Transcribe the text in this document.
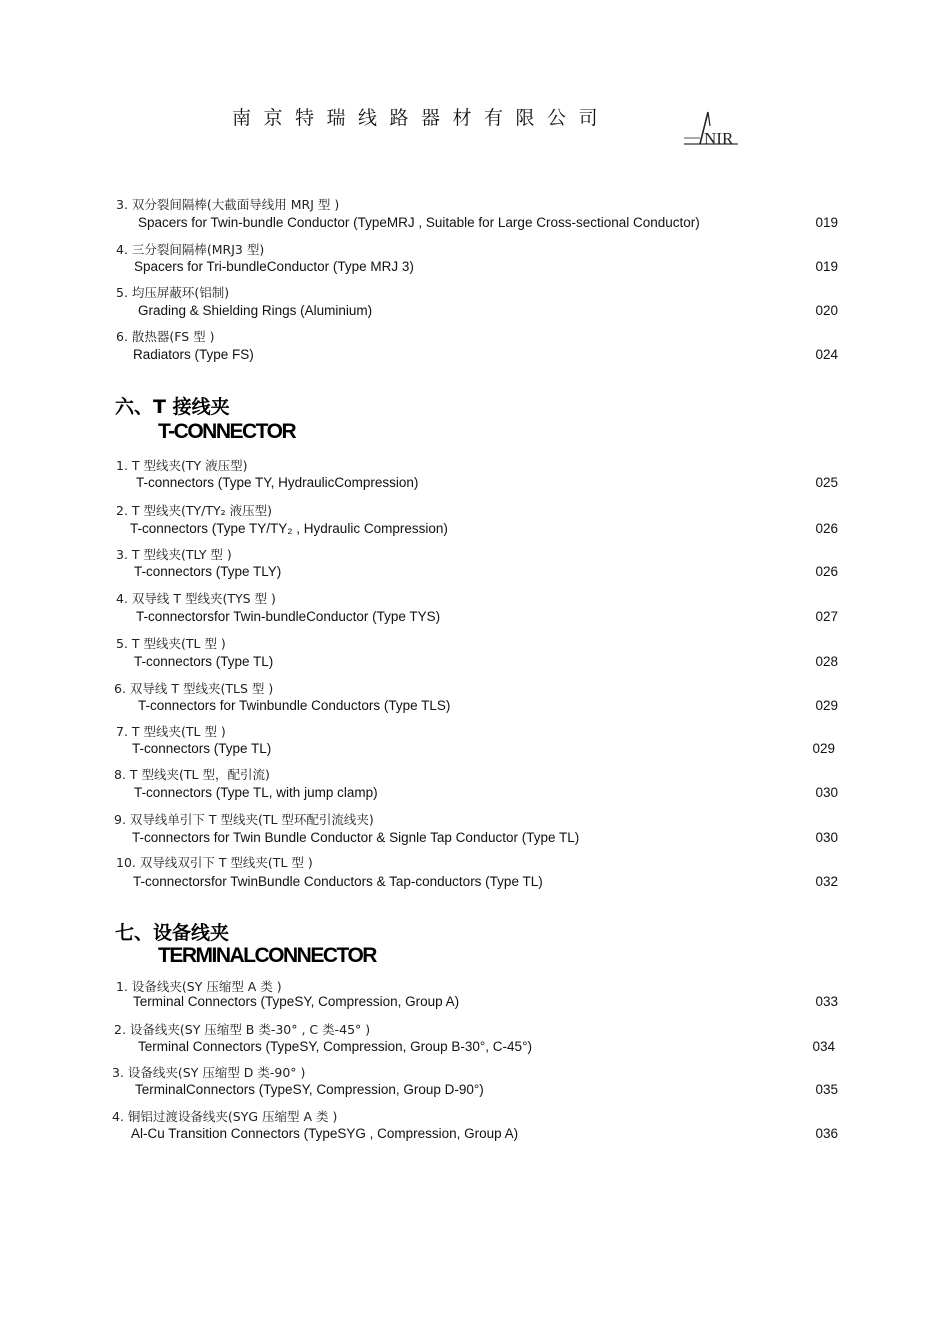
南京特瑞线路器材有限公司
NIR
3. 双分裂间隔棒(大截面导线用 MRJ 型 )
Spacers for Twin-bundle Conductor (TypeMRJ , Suitable for Large Cross-sectional Conductor)	019
4. 三分裂间隔棒(MRJ3 型)
Spacers for Tri-bundleConductor (Type MRJ 3)	019
5. 均压屏蔽环(铝制)
Grading & Shielding Rings (Aluminium)	020
6. 散热器(FS 型 )
Radiators (Type FS)	024
六、T 接线夹
T-CONNECTOR
1. T 型线夹(TY 液压型)
T-connectors (Type TY, HydraulicCompression)	025
2. T 型线夹(TY/TY₂ 液压型)
T-connectors (Type TY/TY₂ , Hydraulic Compression)	026
3. T 型线夹(TLY 型 )
T-connectors (Type TLY)	026
4. 双导线 T 型线夹(TYS 型 )
T-connectorsfor Twin-bundleConductor (Type TYS)	027
5. T 型线夹(TL 型 )
T-connectors (Type TL)	028
6. 双导线 T 型线夹(TLS 型 )
T-connectors for Twinbundle Conductors (Type TLS)	029
7. T 型线夹(TL 型 )
T-connectors (Type TL)	029
8. T 型线夹(TL 型，配引流)
T-connectors (Type TL, with jump clamp)	030
9. 双导线单引下 T 型线夹(TL 型环配引流线夹)
T-connectors for Twin Bundle Conductor & Signle Tap Conductor (Type TL)	030
10. 双导线双引下 T 型线夹(TL 型 )
T-connectorsfor TwinBundle Conductors & Tap-conductors (Type TL)	032
七、设备线夹
TERMINALCONNECTOR
1. 设备线夹(SY 压缩型 A 类 )
Terminal Connectors (TypeSY, Compression, Group A)	033
2. 设备线夹(SY 压缩型 B 类-30° , C 类-45° )
Terminal Connectors (TypeSY, Compression, Group B-30°, C-45°)	034
3. 设备线夹(SY 压缩型 D 类-90° )
TerminalConnectors (TypeSY, Compression, Group D-90°)	035
4. 铜铝过渡设备线夹(SYG 压缩型 A 类 )
Al-Cu Transition Connectors (TypeSYG , Compression, Group A)	036
